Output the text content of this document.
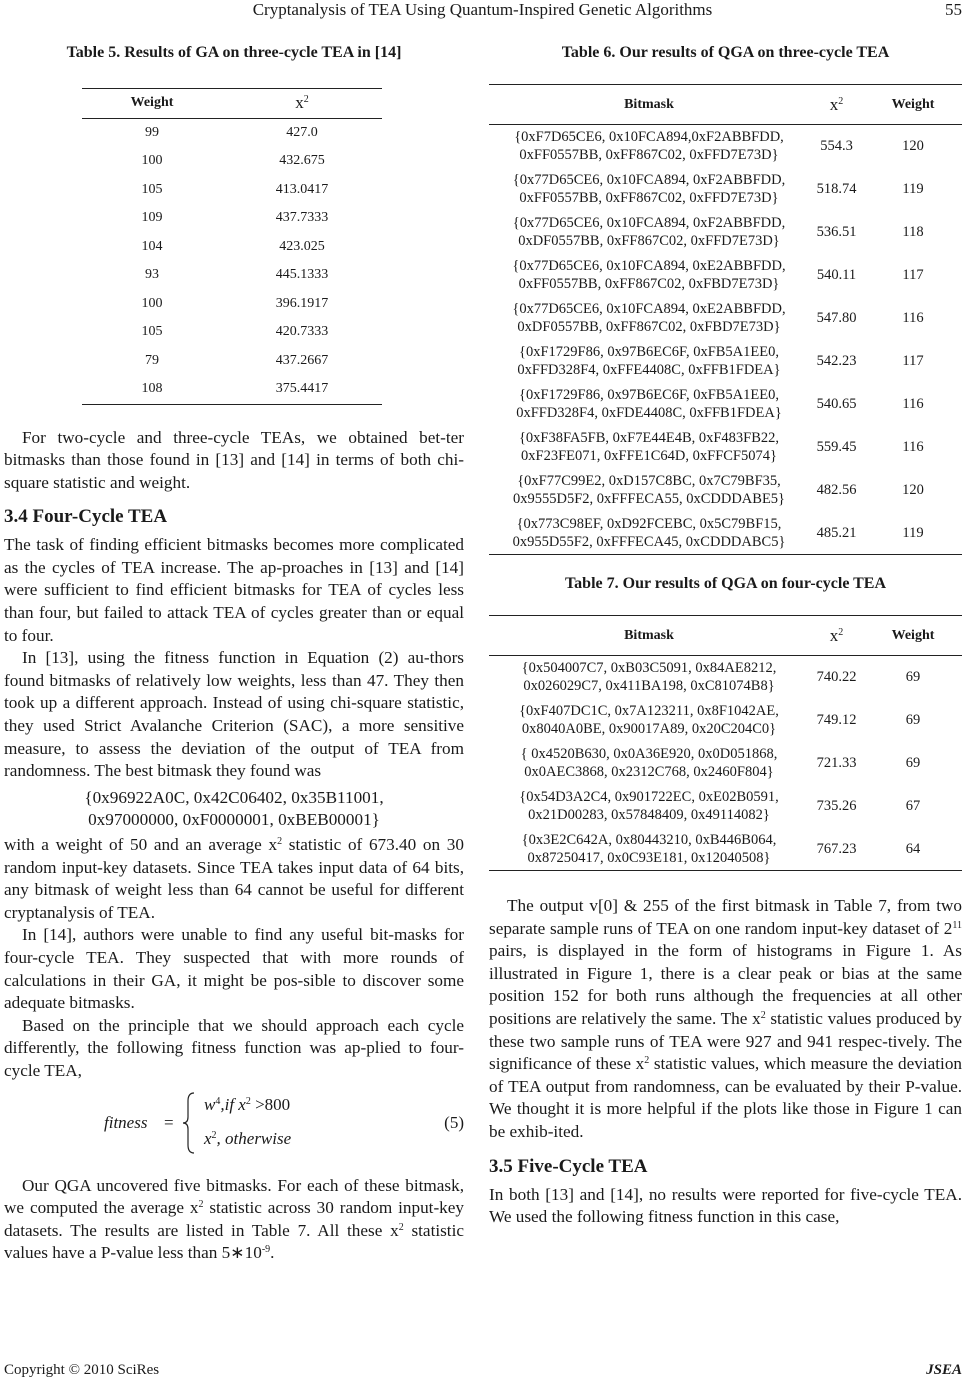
Cryptanalysis of TEA Using Quantum-Inspired Genetic Algorithms	55

Table 5. Results of GA on three-cycle TEA in [14]

Weight	$x^2$
99	427.0
100	432.675
105	413.0417
109	437.7333
104	423.025
93	445.1333
100	396.1917
105	420.7333
79	437.2667
108	375.4417

For two-cycle and three-cycle TEAs, we obtained bet-ter bitmasks than those found in [13] and [14] in terms of both chi-square statistic and weight.

3.4 Four-Cycle TEA

The task of finding efficient bitmasks becomes more complicated as the cycles of TEA increase. The ap-proaches in [13] and [14] were sufficient to find efficient bitmasks for TEA of cycles less than four, but failed to attack TEA of cycles greater than or equal to four.

In [13], using the fitness function in Equation (2) au-thors found bitmasks of relatively low weights, less than 47. They then took up a different approach. Instead of using chi-square statistic, they used Strict Avalanche Criterion (SAC), a more sensitive measure, to assess the deviation of the output of TEA from randomness. The best bitmask they found was

{0x96922A0C, 0x42C06402, 0x35B11001,
0x97000000, 0xF0000001, 0xBEB00001}

with a weight of 50 and an average $x^2$ statistic of 673.40 on 30 random input-key datasets. Since TEA takes input data of 64 bits, any bitmask of weight less than 64 cannot be useful for different cryptanalysis of TEA.

In [14], authors were unable to find any useful bit-masks for four-cycle TEA. They suspected that with more rounds of calculations in their GA, it might be pos-sible to discover some adequate bitmasks.

Based on the principle that we should approach each cycle differently, the following fitness function was ap-plied to four-cycle TEA,

fitness =
$w^4,if$ $x^2 >800$
$x^2$, otherwise
(5)

Our QGA uncovered five bitmasks. For each of these bitmask, we computed the average $x^2$ statistic across 30 random input-key datasets. The results are listed in Table 7. All these $x^2$ statistic values have a P-value less than $5∗10^{-9}$.

Table 6. Our results of QGA on three-cycle TEA

Bitmask	$x^2$	Weight

{0xF7D65CE6, 0x10FCA894,0xF2ABBFDD,
0xFF0557BB, 0xFF867C02, 0xFFD7E73D}	554.3	120

{0x77D65CE6, 0x10FCA894, 0xF2ABBFDD,
0xFF0557BB, 0xFF867C02, 0xFFD7E73D}	518.74	119

{0x77D65CE6, 0x10FCA894, 0xF2ABBFDD,
0xDF0557BB, 0xFF867C02, 0xFFD7E73D}	536.51	118

{0x77D65CE6, 0x10FCA894, 0xE2ABBFDD,
0xFF0557BB, 0xFF867C02, 0xFBD7E73D}	540.11	117

{0x77D65CE6, 0x10FCA894, 0xE2ABBFDD,
0xDF0557BB, 0xFF867C02, 0xFBD7E73D}	547.80	116

{0xF1729F86, 0x97B6EC6F, 0xFB5A1EE0,
0xFFD328F4, 0xFFE4408C, 0xFFB1FDEA}	542.23	117

{0xF1729F86, 0x97B6EC6F, 0xFB5A1EE0,
0xFFD328F4, 0xFDE4408C, 0xFFB1FDEA}	540.65	116

{0xF38FA5FB, 0xF7E44E4B, 0xF483FB22,
0xF23FE071, 0xFFE1C64D, 0xFFCF5074}	559.45	116

{0xF77C99E2, 0xD157C8BC, 0x7C79BF35,
0x9555D5F2, 0xFFFECA55, 0xCDDDABE5}	482.56	120

{0x773C98EF, 0xD92FCEBC, 0x5C79BF15,
0x955D55F2, 0xFFFECA45, 0xCDDDABC5}	485.21	119

Table 7. Our results of QGA on four-cycle TEA

Bitmask	$x^2$	Weight

{0x504007C7, 0xB03C5091, 0x84AE8212,
0x026029C7, 0x411BA198, 0xC81074B8}	740.22	69

{0xF407DC1C, 0x7A123211, 0x8F1042AE,
0x8040A0BE, 0x90017A89, 0x20C204C0}	749.12	69

{ 0x4520B630, 0x0A36E920, 0x0D051868,
0x0AEC3868, 0x2312C768, 0x2460F804}	721.33	69

{0x54D3A2C4, 0x901722EC, 0xE02B0591,
0x21D00283, 0x57848409, 0x49114082}	735.26	67

{0x3E2C642A, 0x80443210, 0xB446B064,
0x87250417, 0x0C93E181, 0x12040508}	767.23	64

The output v[0] & 255 of the first bitmask in Table 7, from two separate sample runs of TEA on one random input-key dataset of $2^{11}$ pairs, is displayed in the form of histograms in Figure 1. As illustrated in Figure 1, there is a clear peak or bias at the same position 152 for both runs although the frequencies at all other positions are relatively the same. The $x^2$ statistic values produced by these two sample runs of TEA were 927 and 941 respec-tively. The significance of these $x^2$ statistic values, which measure the deviation of TEA output from randomness, can be evaluated by their P-value. We thought it is more helpful if the plots like those in Figure 1 can be exhib-ited.

3.5 Five-Cycle TEA

In both [13] and [14], no results were reported for five-cycle TEA. We used the following fitness function in this case,

Copyright © 2010 SciRes	JSEA
